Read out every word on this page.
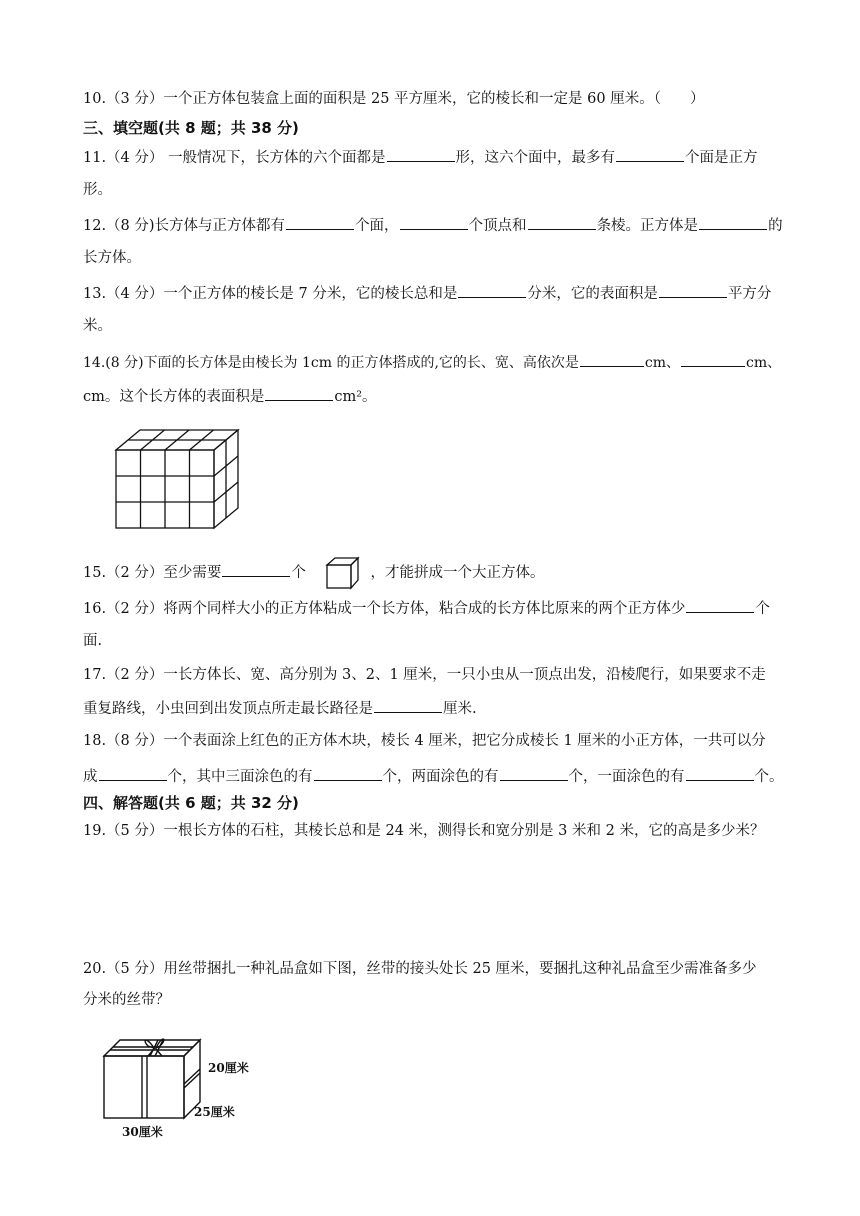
10.（3 分）一个正方体包装盒上面的面积是 25 平方厘米，它的棱长和一定是 60 厘米。（　　）
三、填空题(共 8 题；共 38 分)
11.（4 分） 一般情况下，长方体的六个面都是	形，这六个面中，最多有	个面是正方
形。
12.（8 分)长方体与正方体都有	个面，	个顶点和	条棱。正方体是	的
长方体。
13.（4 分）一个正方体的棱长是 7 分米，它的棱长总和是	分米，它的表面积是	平方分
米。
14.(8 分)下面的长方体是由棱长为 1cm 的正方体搭成的,它的长、宽、高依次是	cm、	cm、
cm。这个长方体的表面积是	cm²。
15.（2 分）至少需要	个	，才能拼成一个大正方体。
16.（2 分）将两个同样大小的正方体粘成一个长方体，粘合成的长方体比原来的两个正方体少	个
面.
17.（2 分）一长方体长、宽、高分别为 3、2、1 厘米，一只小虫从一顶点出发，沿棱爬行，如果要求不走
重复路线，小虫回到出发顶点所走最长路径是	厘米.
18.（8 分）一个表面涂上红色的正方体木块，棱长 4 厘米，把它分成棱长 1 厘米的小正方体，一共可以分
成	个，其中三面涂色的有	个，两面涂色的有	个，一面涂色的有	个。
四、解答题(共 6 题；共 32 分)
19.（5 分）一根长方体的石柱，其棱长总和是 24 米，测得长和宽分别是 3 米和 2 米，它的高是多少米？
20.（5 分）用丝带捆扎一种礼品盒如下图，丝带的接头处长 25 厘米，要捆扎这种礼品盒至少需准备多少
分米的丝带？
20厘米
25厘米
30厘米
